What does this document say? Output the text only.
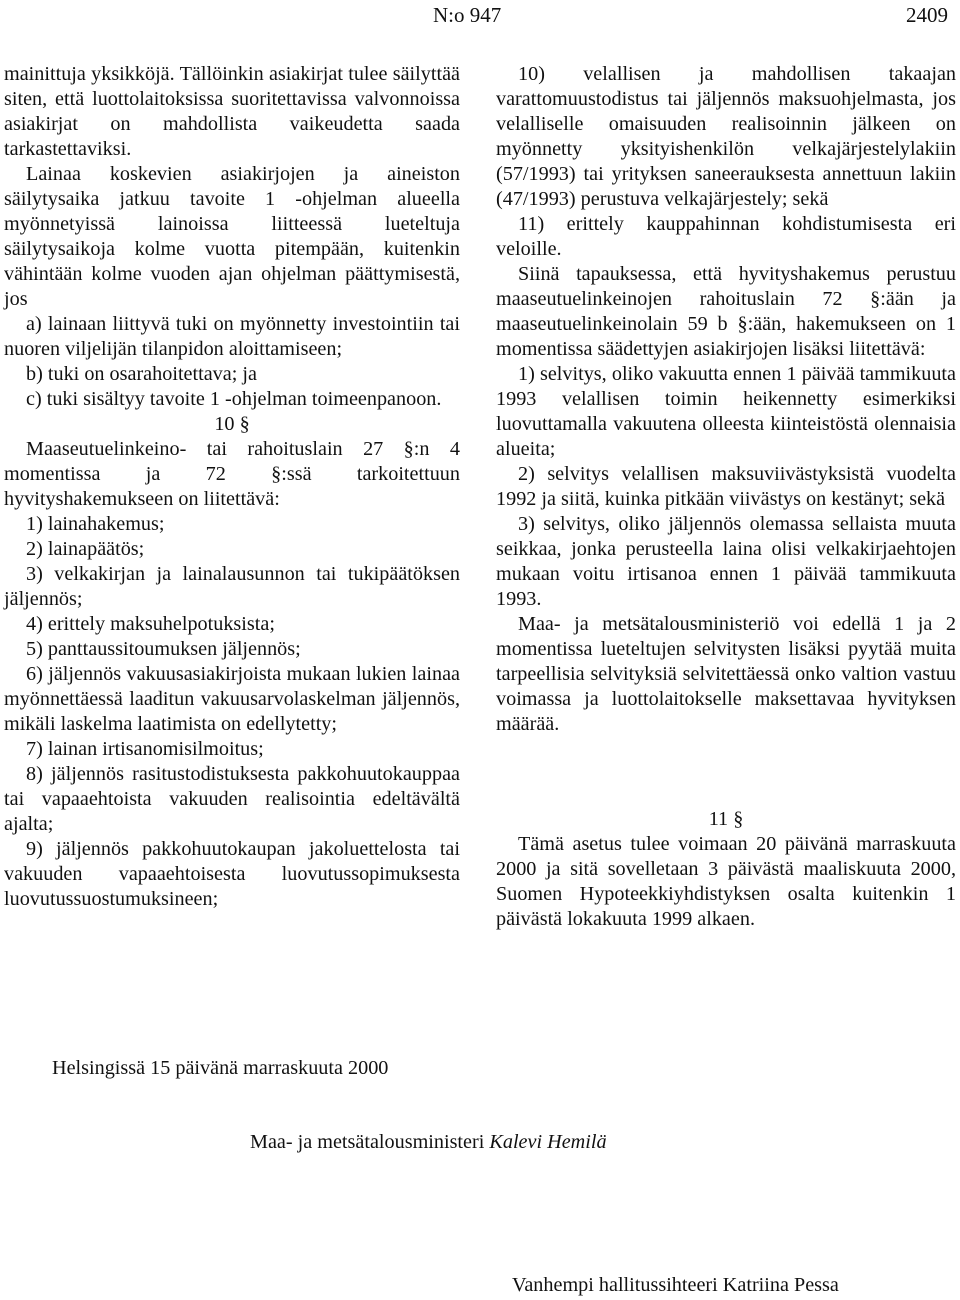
N:o 947	2409

mainittuja yksikköjä. Tällöinkin asiakirjat tulee säilyttää siten, että luottolaitoksissa suoritettavissa valvonnoissa asiakirjat on mahdollista vaikeudetta saada tarkastettaviksi.

Lainaa koskevien asiakirjojen ja aineiston säilytysaika jatkuu tavoite 1 -ohjelman alueella myönnetyissä lainoissa liitteessä lueteltuja säilytysaikoja kolme vuotta pitempään, kuitenkin vähintään kolme vuoden ajan ohjelman päättymisestä, jos

a) lainaan liittyvä tuki on myönnetty investointiin tai nuoren viljelijän tilanpidon aloittamiseen;

b) tuki on osarahoitettava; ja

c) tuki sisältyy tavoite 1 -ohjelman toimeenpanoon.

10 §

Maaseutuelinkeino- tai rahoituslain 27 §:n 4 momentissa ja 72 §:ssä tarkoitettuun hyvityshakemukseen on liitettävä:

1) lainahakemus;

2) lainapäätös;

3) velkakirjan ja lainalausunnon tai tukipäätöksen jäljennös;

4) erittely maksuhelpotuksista;

5) panttaussitoumuksen jäljennös;

6) jäljennös vakuusasiakirjoista mukaan lukien lainaa myönnettäessä laaditun vakuusarvolaskelman jäljennös, mikäli laskelma laatimista on edellytetty;

7) lainan irtisanomisilmoitus;

8) jäljennös rasitustodistuksesta pakkohuutokauppaa tai vapaaehtoista vakuuden realisointia edeltävältä ajalta;

9) jäljennös pakkohuutokaupan jakoluettelosta tai vakuuden vapaaehtoisesta luovutussopimuksesta luovutussuostumuksineen;

10) velallisen ja mahdollisen takaajan varattomuustodistus tai jäljennös maksuohjelmasta, jos velalliselle omaisuuden realisoinnin jälkeen on myönnetty yksityishenkilön velkajärjestelylakiin (57/1993) tai yrityksen saneerauksesta annettuun lakiin (47/1993) perustuva velkajärjestely; sekä

11) erittely kauppahinnan kohdistumisesta eri veloille.

Siinä tapauksessa, että hyvityshakemus perustuu maaseutuelinkeinojen rahoituslain 72 §:ään ja maaseutuelinkeinolain 59 b §:ään, hakemukseen on 1 momentissa säädettyjen asiakirjojen lisäksi liitettävä:

1) selvitys, oliko vakuutta ennen 1 päivää tammikuuta 1993 velallisen toimin heikennetty esimerkiksi luovuttamalla vakuutena olleesta kiinteistöstä olennaisia alueita;

2) selvitys velallisen maksuviivästyksistä vuodelta 1992 ja siitä, kuinka pitkään viivästys on kestänyt; sekä

3) selvitys, oliko jäljennös olemassa sellaista muuta seikkaa, jonka perusteella laina olisi velkakirjaehtojen mukaan voitu irtisanoa ennen 1 päivää tammikuuta 1993.

Maa- ja metsätalousministeriö voi edellä 1 ja 2 momentissa lueteltujen selvitysten lisäksi pyytää muita tarpeellisia selvityksiä selvitettäessä onko valtion vastuu voimassa ja luottolaitokselle maksettavaa hyvityksen määrää.

11 §

Tämä asetus tulee voimaan 20 päivänä marraskuuta 2000 ja sitä sovelletaan 3 päivästä maaliskuuta 2000, Suomen Hypoteekkiyhdistyksen osalta kuitenkin 1 päivästä lokakuuta 1999 alkaen.

Helsingissä 15 päivänä marraskuuta 2000
Maa- ja metsätalousministeri Kalevi Hemilä
Vanhempi hallitussihteeri Katriina Pessa
